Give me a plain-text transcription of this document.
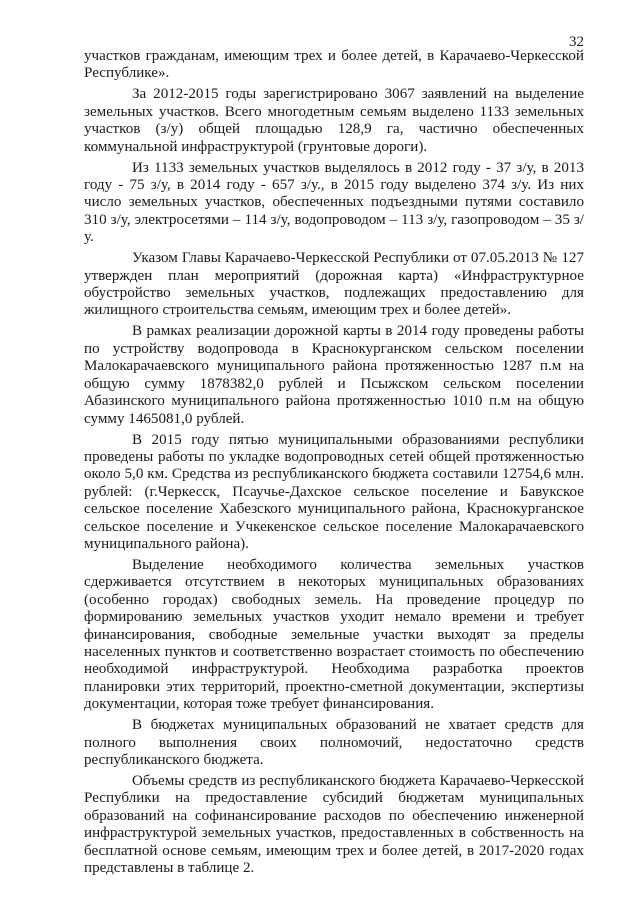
32

участков гражданам, имеющим трех и более детей, в Карачаево-Черкесской Республике».

За 2012-2015 годы зарегистрировано 3067 заявлений на выделение земельных участков. Всего многодетным семьям выделено 1133 земельных участков (з/у) общей площадью 128,9 га, частично обеспеченных коммунальной инфраструктурой (грунтовые дороги).

Из 1133 земельных участков выделялось в 2012 году - 37 з/у, в 2013 году - 75 з/у, в 2014 году - 657 з/у., в 2015 году выделено 374 з/у. Из них число земельных участков, обеспеченных подъездными путями составило 310 з/у, электросетями – 114 з/у, водопроводом – 113 з/у, газопроводом – 35 з/у.

Указом Главы Карачаево-Черкесской Республики от 07.05.2013 № 127 утвержден план мероприятий (дорожная карта) «Инфраструктурное обустройство земельных участков, подлежащих предоставлению для жилищного строительства семьям, имеющим трех и более детей».

В рамках реализации дорожной карты в 2014 году проведены работы по устройству водопровода в Краснокурганском сельском поселении Малокарачаевского муниципального района протяженностью 1287 п.м на общую сумму 1878382,0 рублей и Псыжском сельском поселении Абазинского муниципального района протяженностью 1010 п.м на общую сумму 1465081,0 рублей.

В 2015 году пятью муниципальными образованиями республики проведены работы по укладке водопроводных сетей общей протяженностью около 5,0 км. Средства из республиканского бюджета составили 12754,6 млн. рублей: (г.Черкесск, Псаучье-Дахское сельское поселение и Бавукское сельское поселение Хабезского муниципального района, Краснокурганское сельское поселение и Учкекенское сельское поселение Малокарачаевского муниципального района).

Выделение необходимого количества земельных участков сдерживается отсутствием в некоторых муниципальных образованиях (особенно городах) свободных земель. На проведение процедур по формированию земельных участков уходит немало времени и требует финансирования, свободные земельные участки выходят за пределы населенных пунктов и соответственно возрастает стоимость по обеспечению необходимой инфраструктурой. Необходима разработка проектов планировки этих территорий, проектно-сметной документации, экспертизы документации, которая тоже требует финансирования.

В бюджетах муниципальных образований не хватает средств для полного выполнения своих полномочий, недостаточно средств республиканского бюджета.

Объемы средств из республиканского бюджета Карачаево-Черкесской Республики на предоставление субсидий бюджетам муниципальных образований на софинансирование расходов по обеспечению инженерной инфраструктурой земельных участков, предоставленных в собственность на бесплатной основе семьям, имеющим трех и более детей, в 2017-2020 годах представлены в таблице 2.
